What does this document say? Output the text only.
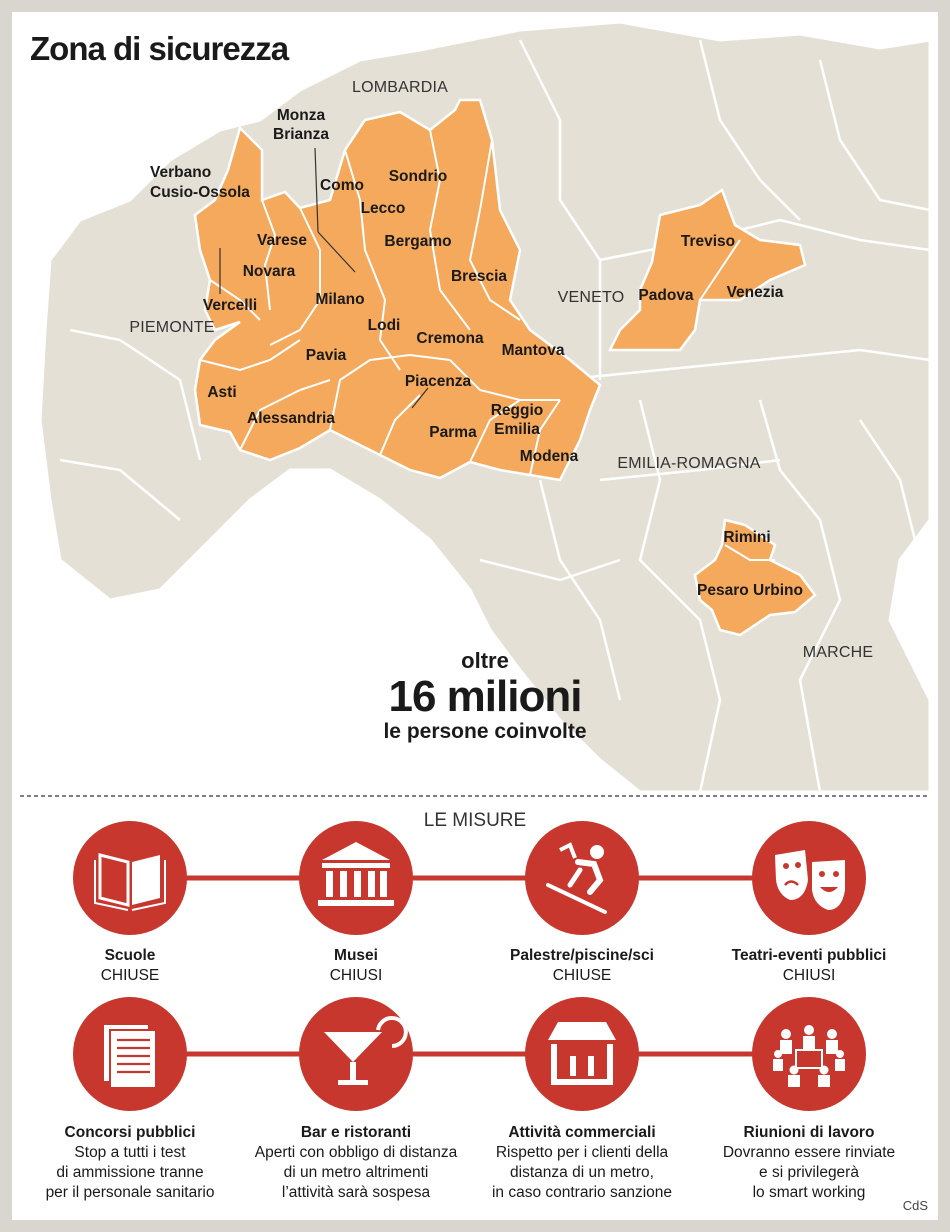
LOMBARDIA
PIEMONTE
VENETO
EMILIA-ROMAGNA
MARCHE
Verbano
Cusio-Ossola
Monza
Brianza
Como
Sondrio
Lecco
Varese	Bergamo
Novara	Brescia
Vercelli	Milano
Lodi
Cremona
Mantova
Pavia
Piacenza
Asti
Alessandria	Reggio
Emilia
Parma
Modena
Treviso
Padova Venezia
Rimini
Pesaro Urbino
Zona di sicurezza
oltre
16 milioni
le persone coinvolte
LE MISURE
Scuole
CHIUSE
Musei
CHIUSI
Palestre/piscine/sci
CHIUSE
Teatri-eventi pubblici
CHIUSI
Concorsi pubblici
Stop a tutti i test
di ammissione tranne
per il personale sanitario
Bar e ristoranti
Aperti con obbligo di distanza
di un metro altrimenti
l’attività sarà sospesa
Attività commerciali
Rispetto per i clienti della
distanza di un metro,
in caso contrario sanzione
Riunioni di lavoro
Dovranno essere rinviate
e si privilegerà
lo smart working
CdS
